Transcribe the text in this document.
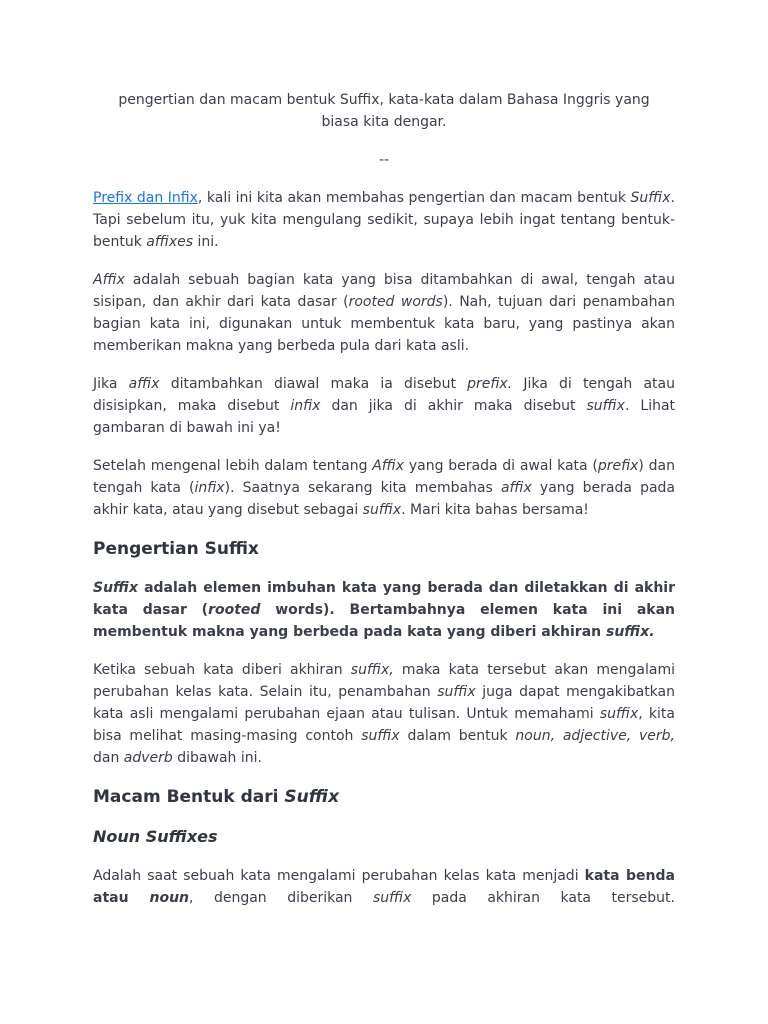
pengertian dan macam bentuk Suffix, kata-kata dalam Bahasa Inggris yang biasa kita dengar.

--

Prefix dan Infix, kali ini kita akan membahas pengertian dan macam bentuk Suffix. Tapi sebelum itu, yuk kita mengulang sedikit, supaya lebih ingat tentang bentuk-bentuk affixes ini.

Affix adalah sebuah bagian kata yang bisa ditambahkan di awal, tengah atau sisipan, dan akhir dari kata dasar (rooted words). Nah, tujuan dari penambahan bagian kata ini, digunakan untuk membentuk kata baru, yang pastinya akan memberikan makna yang berbeda pula dari kata asli.

Jika affix ditambahkan diawal maka ia disebut prefix. Jika di tengah atau disisipkan, maka disebut infix dan jika di akhir maka disebut suffix. Lihat gambaran di bawah ini ya!

Setelah mengenal lebih dalam tentang Affix yang berada di awal kata (prefix) dan tengah kata (infix). Saatnya sekarang kita membahas affix yang berada pada akhir kata, atau yang disebut sebagai suffix. Mari kita bahas bersama!

Pengertian Suffix

Suffix adalah elemen imbuhan kata yang berada dan diletakkan di akhir kata dasar (rooted words). Bertambahnya elemen kata ini akan membentuk makna yang berbeda pada kata yang diberi akhiran suffix.

Ketika sebuah kata diberi akhiran suffix, maka kata tersebut akan mengalami perubahan kelas kata. Selain itu, penambahan suffix juga dapat mengakibatkan kata asli mengalami perubahan ejaan atau tulisan. Untuk memahami suffix, kita bisa melihat masing-masing contoh suffix dalam bentuk noun, adjective, verb, dan adverb dibawah ini.

Macam Bentuk dari Suffix
Noun Suffixes

Adalah saat sebuah kata mengalami perubahan kelas kata menjadi kata benda atau noun, dengan diberikan suffix pada akhiran kata tersebut.
